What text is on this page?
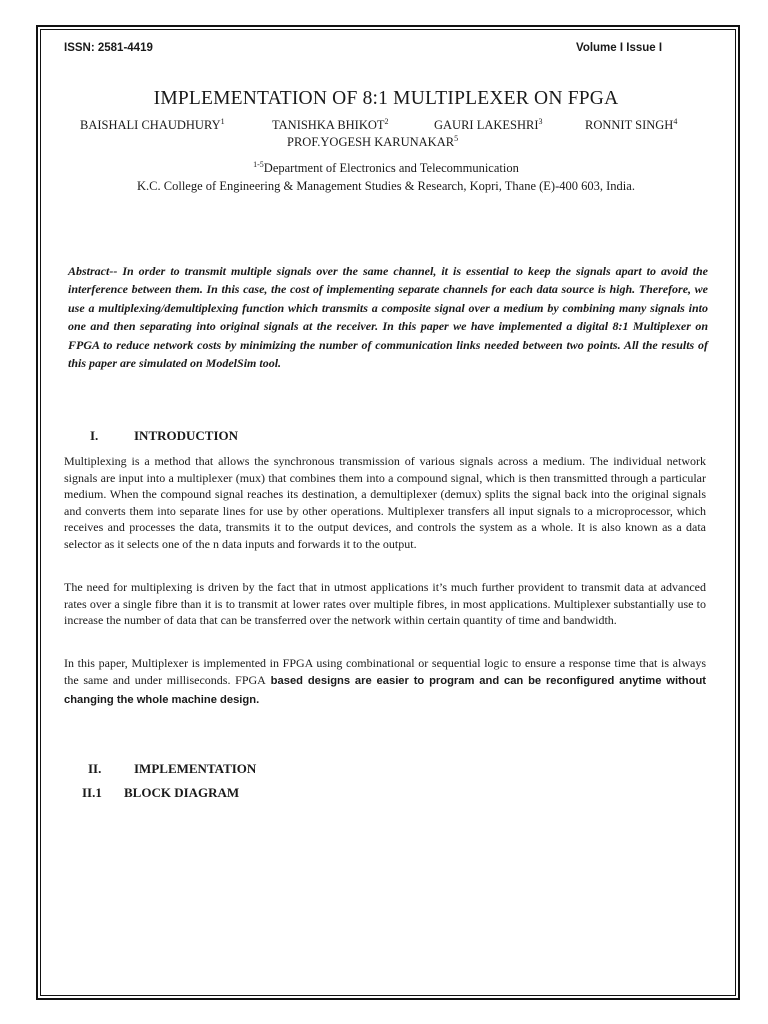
ISSN: 2581-4419	Volume I Issue I
IMPLEMENTATION OF 8:1 MULTIPLEXER ON FPGA
BAISHALI CHAUDHURY$^1$	TANISHKA BHIKOT$^2$	GAURI LAKESHRI$^3$	RONNIT SINGH$^4$
PROF.YOGESH KARUNAKAR$^5$
$^{1-5}$Department of Electronics and Telecommunication
K.C. College of Engineering & Management Studies & Research, Kopri, Thane (E)-400 603, India.
Abstract-- In order to transmit multiple signals over the same channel, it is essential to keep the signals apart to avoid the interference between them. In this case, the cost of implementing separate channels for each data source is high. Therefore, we use a multiplexing/demultiplexing function which transmits a composite signal over a medium by combining many signals into one and then separating into original signals at the receiver. In this paper we have implemented a digital 8:1 Multiplexer on FPGA to reduce network costs by minimizing the number of communication links needed between two points. All the results of this paper are simulated on ModelSim tool.
I.	INTRODUCTION
Multiplexing is a method that allows the synchronous transmission of various signals across a medium. The individual network signals are input into a multiplexer (mux) that combines them into a compound signal, which is then transmitted through a particular medium. When the compound signal reaches its destination, a demultiplexer (demux) splits the signal back into the original signals and converts them into separate lines for use by other operations. Multiplexer transfers all input signals to a microprocessor, which receives and processes the data, transmits it to the output devices, and controls the system as a whole. It is also known as a data selector as it selects one of the n data inputs and forwards it to the output.
The need for multiplexing is driven by the fact that in utmost applications it’s much further provident to transmit data at advanced rates over a single fibre than it is to transmit at lower rates over multiple fibres, in most applications. Multiplexer substantially use to increase the number of data that can be transferred over the network within certain quantity of time and bandwidth.
In this paper, Multiplexer is implemented in FPGA using combinational or sequential logic to ensure a response time that is always the same and under milliseconds. FPGA based designs are easier to program and can be reconfigured anytime without changing the whole machine design.
II.	IMPLEMENTATION
II.1 BLOCK DIAGRAM
